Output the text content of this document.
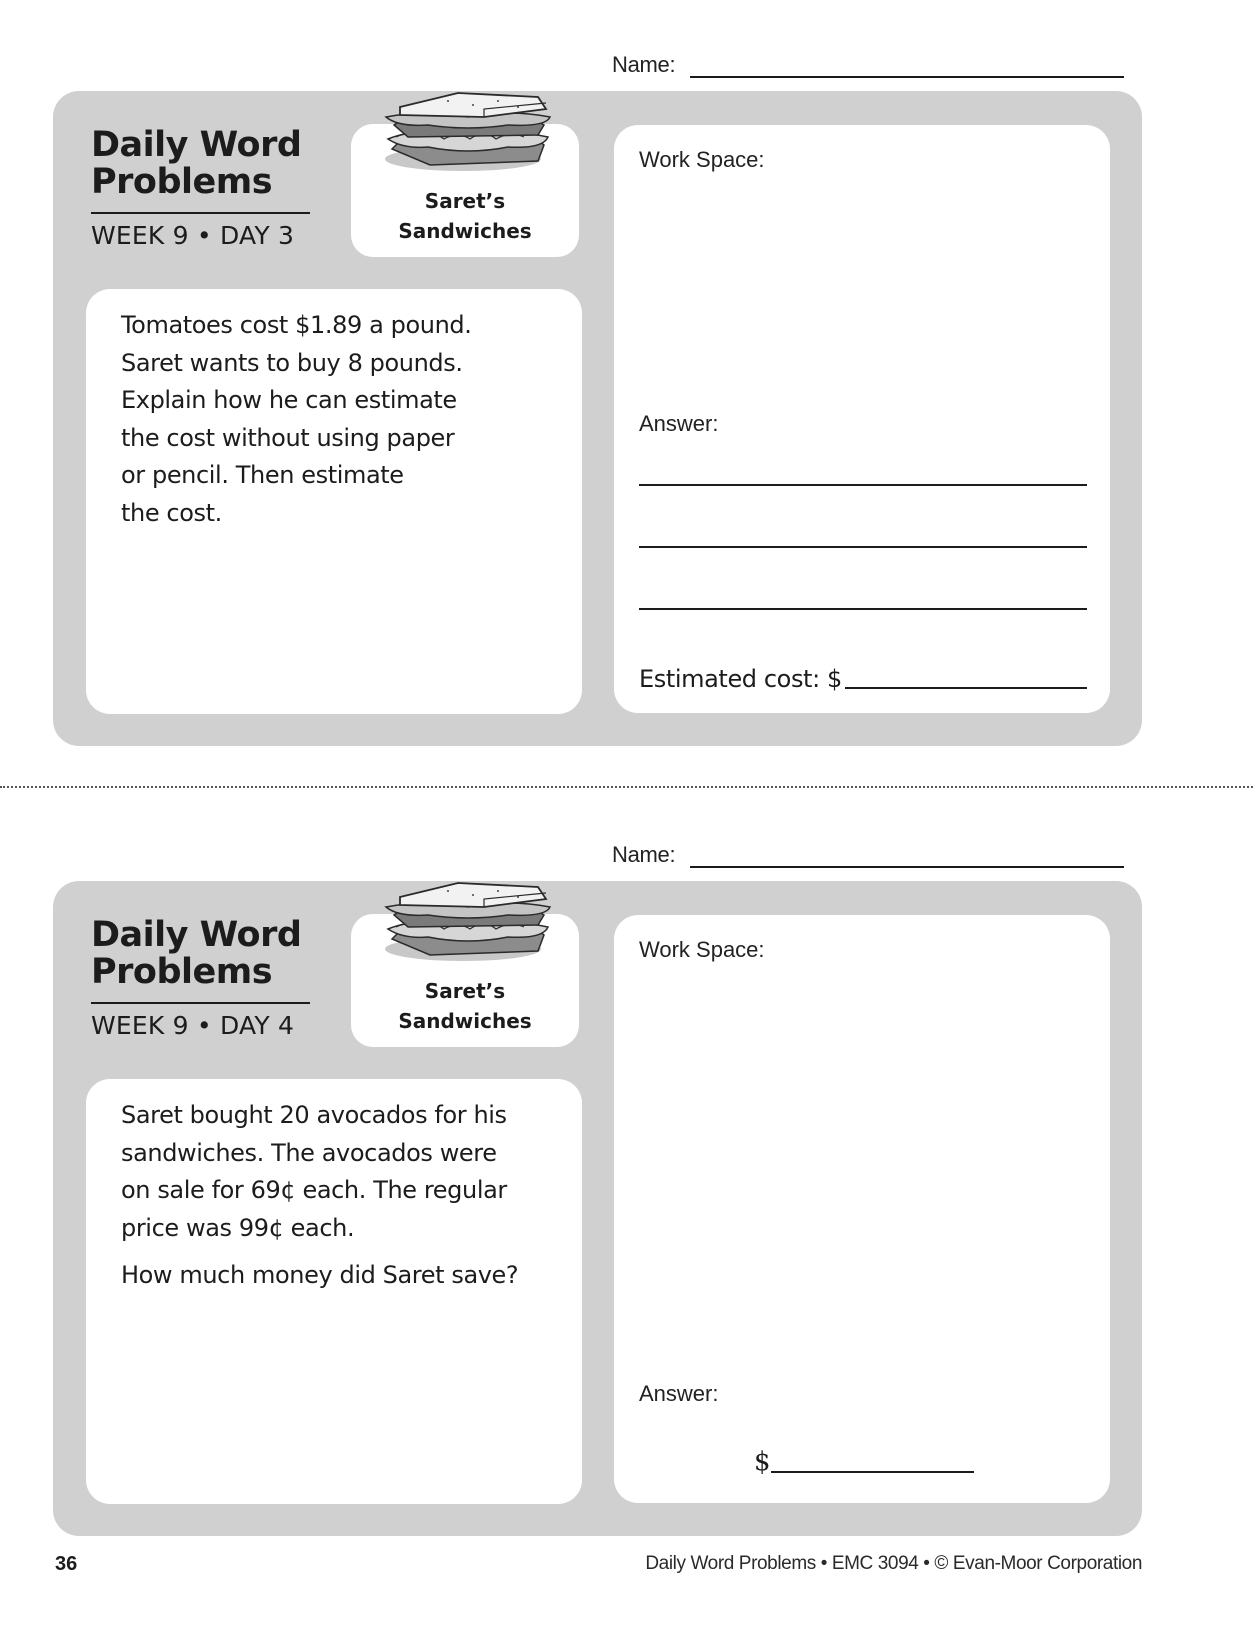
Name:
Daily Word
Problems
WEEK 9 • DAY 3
Saret’s
Sandwiches
Tomatoes cost $1.89 a pound.
Saret wants to buy 8 pounds.
Explain how he can estimate
the cost without using paper
or pencil. Then estimate
the cost.
Work Space:
Answer:
Estimated cost: $
Name:
Daily Word
Problems
WEEK 9 • DAY 4
Saret’s
Sandwiches
Saret bought 20 avocados for his
sandwiches. The avocados were
on sale for 69¢ each. The regular
price was 99¢ each.
How much money did Saret save?
Work Space:
Answer:
$
36	Daily Word Problems • EMC 3094 • © Evan-Moor Corporation
